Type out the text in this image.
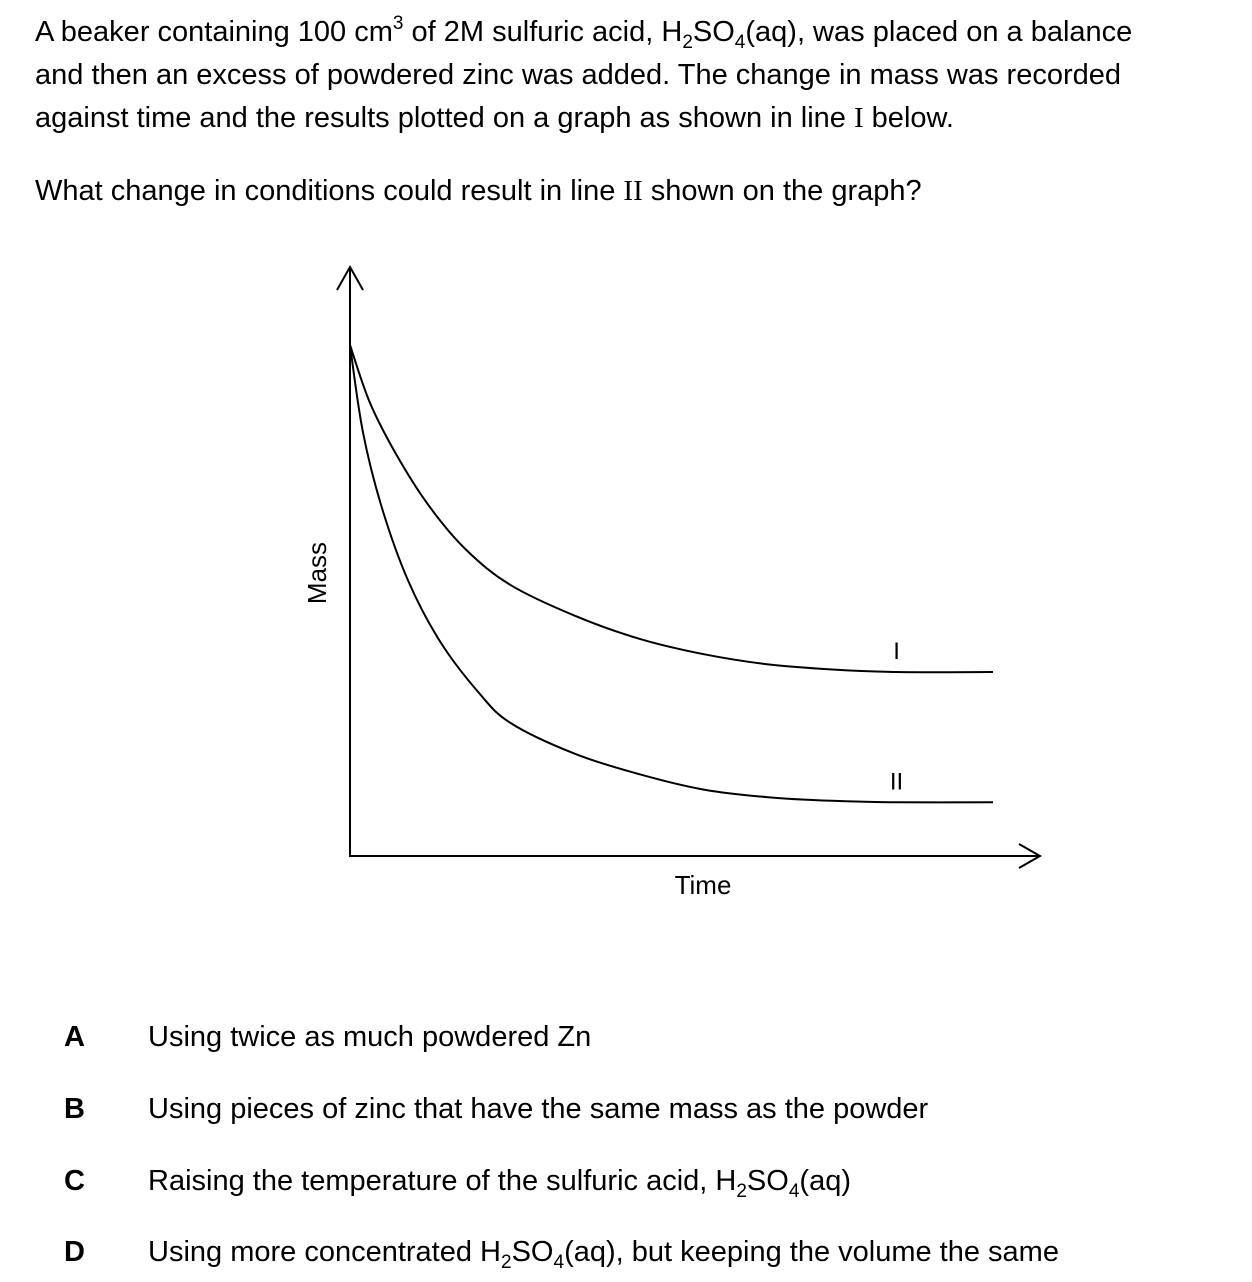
A beaker containing 100 $cm^3$ of 2M sulfuric acid, $H_2SO_4(aq)$, was placed on a balance
and then an excess of powdered zinc was added. The change in mass was recorded
against time and the results plotted on a graph as shown in line I below.
What change in conditions could result in line II shown on the graph?
Time
Mass
I
II
A Using twice as much powdered Zn
B Using pieces of zinc that have the same mass as the powder
C Raising the temperature of the sulfuric acid, $H_2SO_4(aq)$
D Using more concentrated $H_2SO_4(aq)$, but keeping the volume the same
